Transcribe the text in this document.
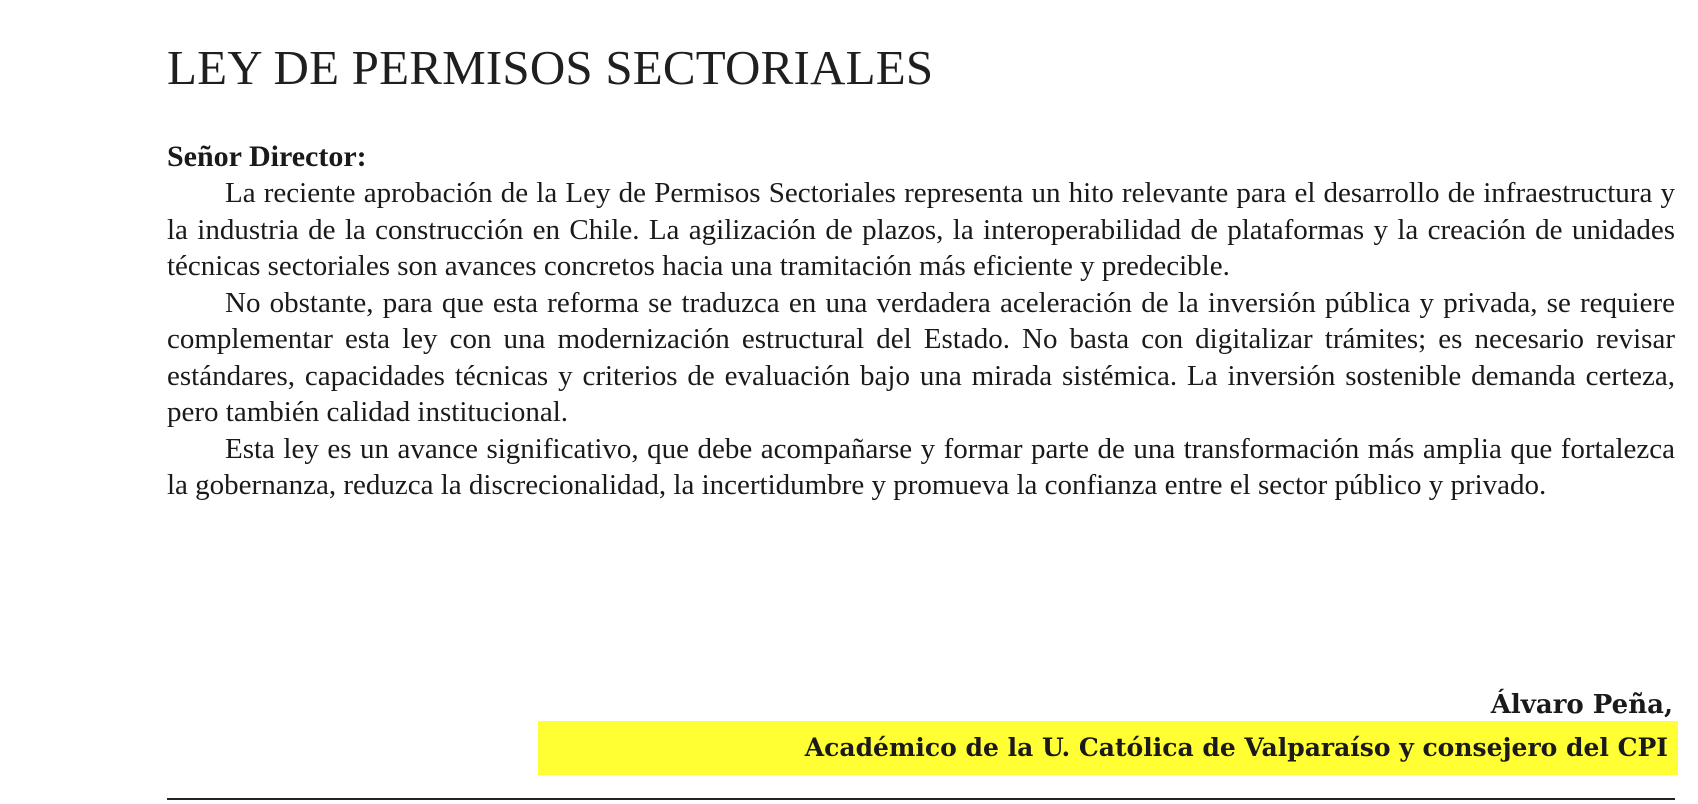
LEY DE PERMISOS SECTORIALES

Señor Director:

La reciente aprobación de la Ley de Permisos Sectoriales representa un hito relevante para el desarrollo de infraestructura y la industria de la construcción en Chile. La agilización de plazos, la interoperabilidad de plataformas y la creación de unidades técnicas sectoriales son avances concretos hacia una tramitación más eficiente y predecible.

No obstante, para que esta reforma se traduzca en una verdadera aceleración de la inversión pública y privada, se requiere complementar esta ley con una modernización estructural del Estado. No basta con digitalizar trámites; es necesario revisar estándares, capacidades técnicas y criterios de evaluación bajo una mirada sistémica. La inversión sostenible demanda certeza, pero también calidad institucional.

Esta ley es un avance significativo, que debe acompañarse y formar parte de una transformación más amplia que fortalezca la gobernanza, reduzca la discrecionalidad, la incertidumbre y promueva la confianza entre el sector público y privado.

Álvaro Peña,
Académico de la U. Católica de Valparaíso y consejero del CPI
